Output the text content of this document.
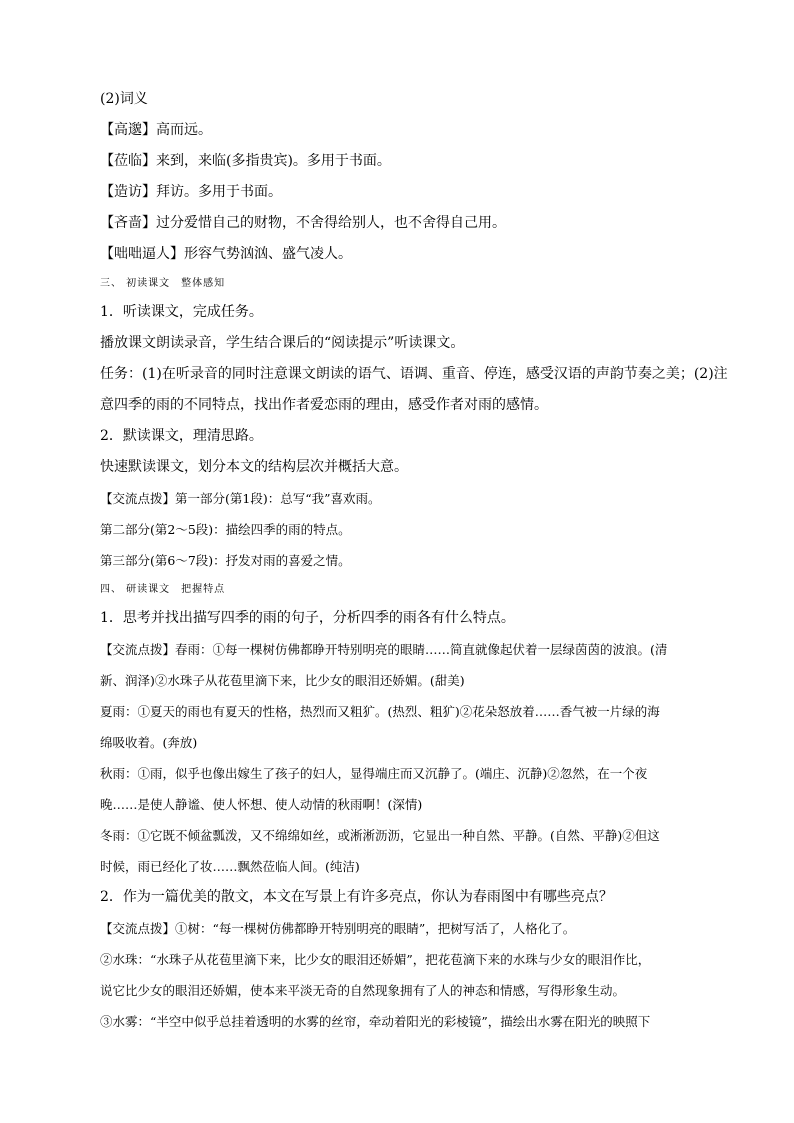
(2)词义

【高邈】高而远。

【莅临】来到，来临(多指贵宾)。多用于书面。

【造访】拜访。多用于书面。

【吝啬】过分爱惜自己的财物，不舍得给别人，也不舍得自己用。

【咄咄逼人】形容气势汹汹、盛气凌人。

三、 初读课文　整体感知

1．听读课文，完成任务。

播放课文朗读录音，学生结合课后的“阅读提示”听读课文。

任务：(1)在听录音的同时注意课文朗读的语气、语调、重音、停连，感受汉语的声韵节奏之美；(2)注

意四季的雨的不同特点，找出作者爱恋雨的理由，感受作者对雨的感情。

2．默读课文，理清思路。

快速默读课文，划分本文的结构层次并概括大意。

【交流点拨】第一部分(第1段)：总写“我”喜欢雨。

第二部分(第2～5段)：描绘四季的雨的特点。

第三部分(第6～7段)：抒发对雨的喜爱之情。

四、 研读课文　把握特点

1．思考并找出描写四季的雨的句子，分析四季的雨各有什么特点。

【交流点拨】春雨：①每一棵树仿佛都睁开特别明亮的眼睛……简直就像起伏着一层绿茵茵的波浪。(清

新、润泽)②水珠子从花苞里滴下来，比少女的眼泪还娇媚。(甜美)

夏雨：①夏天的雨也有夏天的性格，热烈而又粗犷。(热烈、粗犷)②花朵怒放着……香气被一片绿的海

绵吸收着。(奔放)

秋雨：①雨，似乎也像出嫁生了孩子的妇人，显得端庄而又沉静了。(端庄、沉静)②忽然，在一个夜

晚……是使人静谧、使人怀想、使人动情的秋雨啊！(深情)

冬雨：①它既不倾盆瓢泼，又不绵绵如丝，或淅淅沥沥，它显出一种自然、平静。(自然、平静)②但这

时候，雨已经化了妆……飘然莅临人间。(纯洁)

2．作为一篇优美的散文，本文在写景上有许多亮点，你认为春雨图中有哪些亮点？

【交流点拨】①树：“每一棵树仿佛都睁开特别明亮的眼睛”，把树写活了，人格化了。

②水珠：“水珠子从花苞里滴下来，比少女的眼泪还娇媚”，把花苞滴下来的水珠与少女的眼泪作比，

说它比少女的眼泪还娇媚，使本来平淡无奇的自然现象拥有了人的神态和情感，写得形象生动。

③水雾：“半空中似乎总挂着透明的水雾的丝帘，牵动着阳光的彩棱镜”，描绘出水雾在阳光的映照下
